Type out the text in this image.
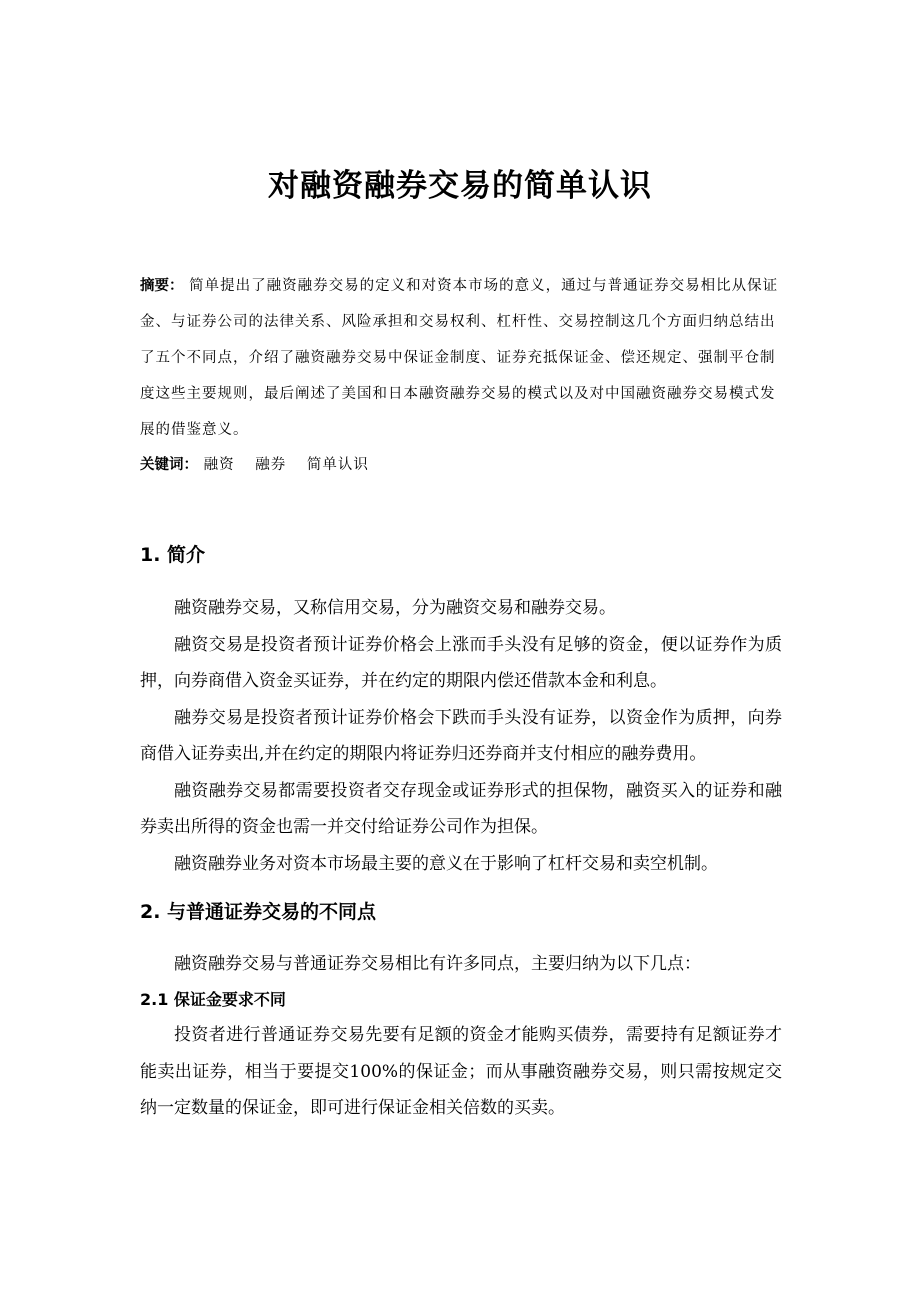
对融资融券交易的简单认识
摘要： 简单提出了融资融券交易的定义和对资本市场的意义，通过与普通证券交易相比从保证金、与证券公司的法律关系、风险承担和交易权利、杠杆性、交易控制这几个方面归纳总结出了五个不同点，介绍了融资融券交易中保证金制度、证券充抵保证金、偿还规定、强制平仓制度这些主要规则，最后阐述了美国和日本融资融券交易的模式以及对中国融资融券交易模式发展的借鉴意义。
关键词： 融资 融券 简单认识
1. 简介

融资融券交易，又称信用交易，分为融资交易和融券交易。

融资交易是投资者预计证券价格会上涨而手头没有足够的资金，便以证券作为质押，向券商借入资金买证券，并在约定的期限内偿还借款本金和利息。

融券交易是投资者预计证券价格会下跌而手头没有证券，以资金作为质押，向券商借入证券卖出,并在约定的期限内将证券归还券商并支付相应的融券费用。

融资融券交易都需要投资者交存现金或证券形式的担保物，融资买入的证券和融券卖出所得的资金也需一并交付给证券公司作为担保。

融资融券业务对资本市场最主要的意义在于影响了杠杆交易和卖空机制。

2. 与普通证券交易的不同点

融资融券交易与普通证券交易相比有许多同点，主要归纳为以下几点：

2.1 保证金要求不同

投资者进行普通证券交易先要有足额的资金才能购买债券，需要持有足额证券才能卖出证券，相当于要提交100%的保证金；而从事融资融券交易，则只需按规定交纳一定数量的保证金，即可进行保证金相关倍数的买卖。
